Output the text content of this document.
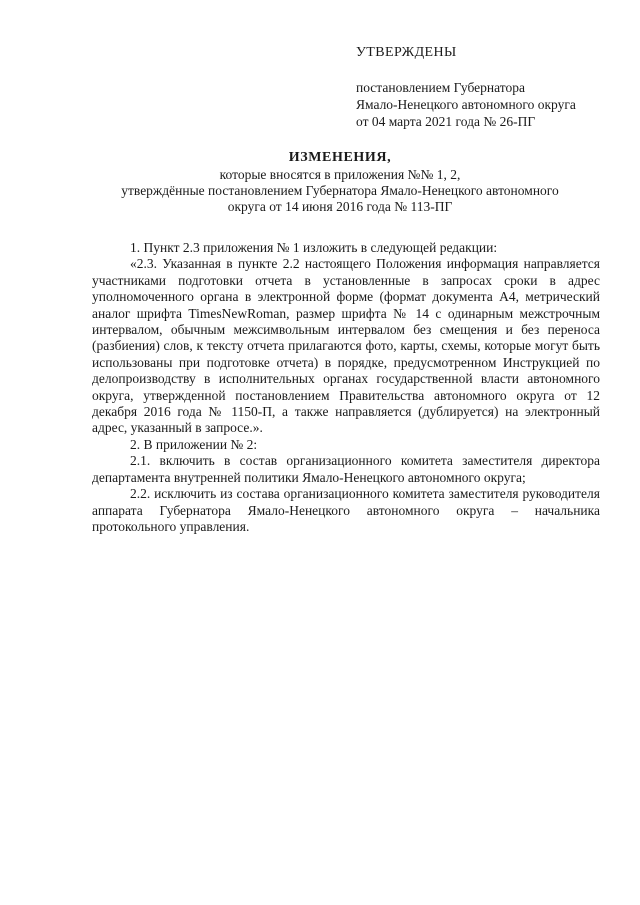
УТВЕРЖДЕНЫ
постановлением Губернатора
Ямало-Ненецкого автономного округа
от 04 марта 2021 года № 26-ПГ
ИЗМЕНЕНИЯ,
которые вносятся в приложения №№ 1, 2,
утверждённые постановлением Губернатора Ямало-Ненецкого автономного
округа от 14 июня 2016 года № 113-ПГ

1. Пункт 2.3 приложения № 1 изложить в следующей редакции:

«2.3. Указанная в пункте 2.2 настоящего Положения информация направляется участниками подготовки отчета в установленные в запросах сроки в адрес уполномоченного органа в электронной форме (формат документа А4, метрический аналог шрифта TimesNewRoman, размер шрифта № 14 с одинарным межстрочным интервалом, обычным межсимвольным интервалом без смещения и без переноса (разбиения) слов, к тексту отчета прилагаются фото, карты, схемы, которые могут быть использованы при подготовке отчета) в порядке, предусмотренном Инструкцией по делопроизводству в исполнительных органах государственной власти автономного округа, утвержденной постановлением Правительства автономного округа от 12 декабря 2016 года № 1150-П, а также направляется (дублируется) на электронный адрес, указанный в запросе.».

2. В приложении № 2:

2.1. включить в состав организационного комитета заместителя директора департамента внутренней политики Ямало-Ненецкого автономного округа;

2.2. исключить из состава организационного комитета заместителя руководителя аппарата Губернатора Ямало-Ненецкого автономного округа – начальника протокольного управления.
